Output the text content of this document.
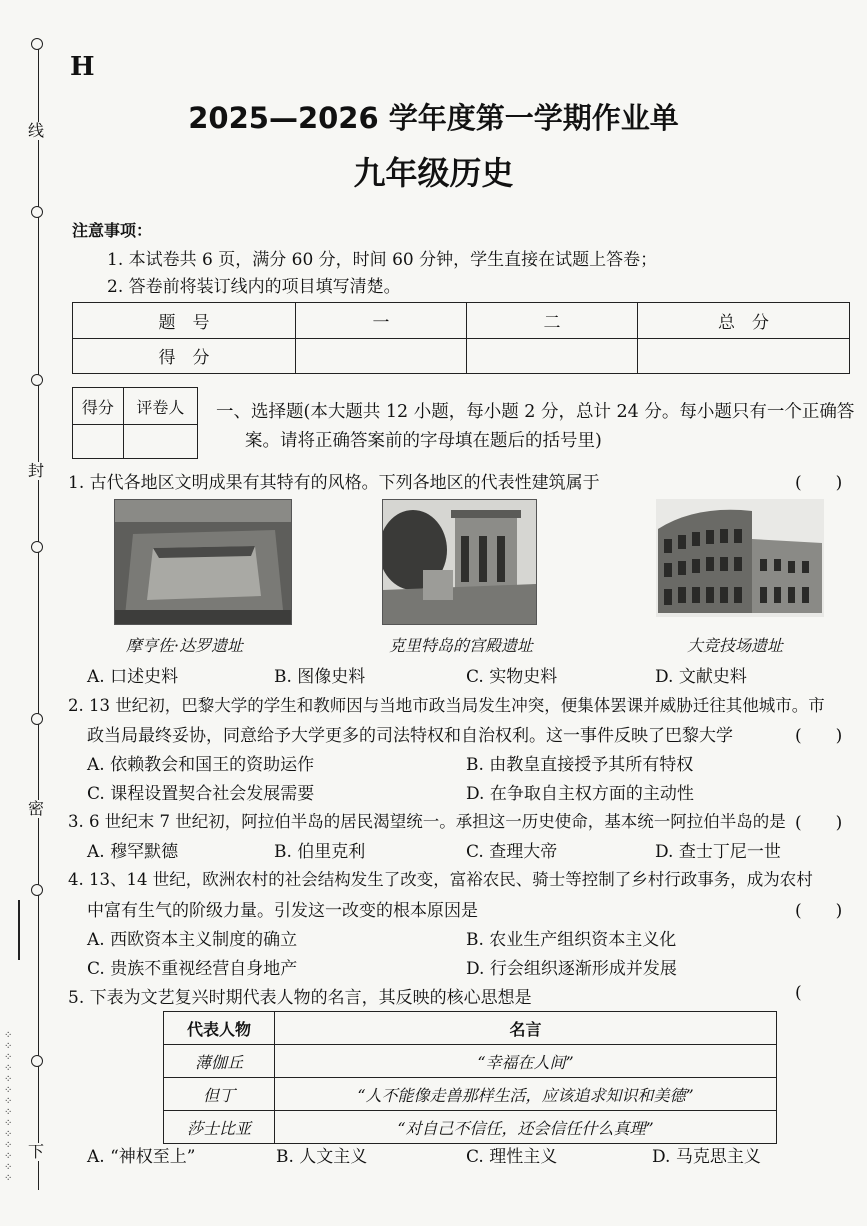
线
封
密
下
⁘
⁘
⁘
⁘
⁘
⁘
⁘
⁘
⁘
⁘
⁘
⁘
⁘
⁘
H
2025—2026 学年度第一学期作业单
九年级历史
注意事项：
1. 本试卷共 6 页，满分 60 分，时间 60 分钟，学生直接在试题上答卷；
2. 答卷前将装订线内的项目填写清楚。
题　号	一	二	总　分
得　分			
得分	评卷人
	一、选择题(本大题共 12 小题，每小题 2 分，总计 24 分。每小题只有一个正确答
案。请将正确答案前的字母填在题后的括号里)
1. 古代各地区文明成果有其特有的风格。下列各地区的代表性建筑属于	(　　)
摩亨佐·达罗遗址	克里特岛的宫殿遗址	大竞技场遗址
A. 口述史料	B. 图像史料	C. 实物史料	D. 文献史料
2. 13 世纪初，巴黎大学的学生和教师因与当地市政当局发生冲突，便集体罢课并威胁迁往其他城市。市
政当局最终妥协，同意给予大学更多的司法特权和自治权利。这一事件反映了巴黎大学	(　　)
A. 依赖教会和国王的资助运作	B. 由教皇直接授予其所有特权
C. 课程设置契合社会发展需要	D. 在争取自主权方面的主动性
3. 6 世纪末 7 世纪初，阿拉伯半岛的居民渴望统一。承担这一历史使命，基本统一阿拉伯半岛的是 (　　)
A. 穆罕默德	B. 伯里克利	C. 查理大帝	D. 查士丁尼一世
4. 13、14 世纪，欧洲农村的社会结构发生了改变，富裕农民、骑士等控制了乡村行政事务，成为农村
中富有生气的阶级力量。引发这一改变的根本原因是	(　　)
A. 西欧资本主义制度的确立	B. 农业生产组织资本主义化
C. 贵族不重视经营自身地产	D. 行会组织逐渐形成并发展
5. 下表为文艺复兴时期代表人物的名言，其反映的核心思想是	(
代表人物	名言
薄伽丘	“幸福在人间”
但丁	“人不能像走兽那样生活，应该追求知识和美德”
莎士比亚	“对自己不信任，还会信任什么真理”
A. “神权至上”	B. 人文主义	C. 理性主义	D. 马克思主义
